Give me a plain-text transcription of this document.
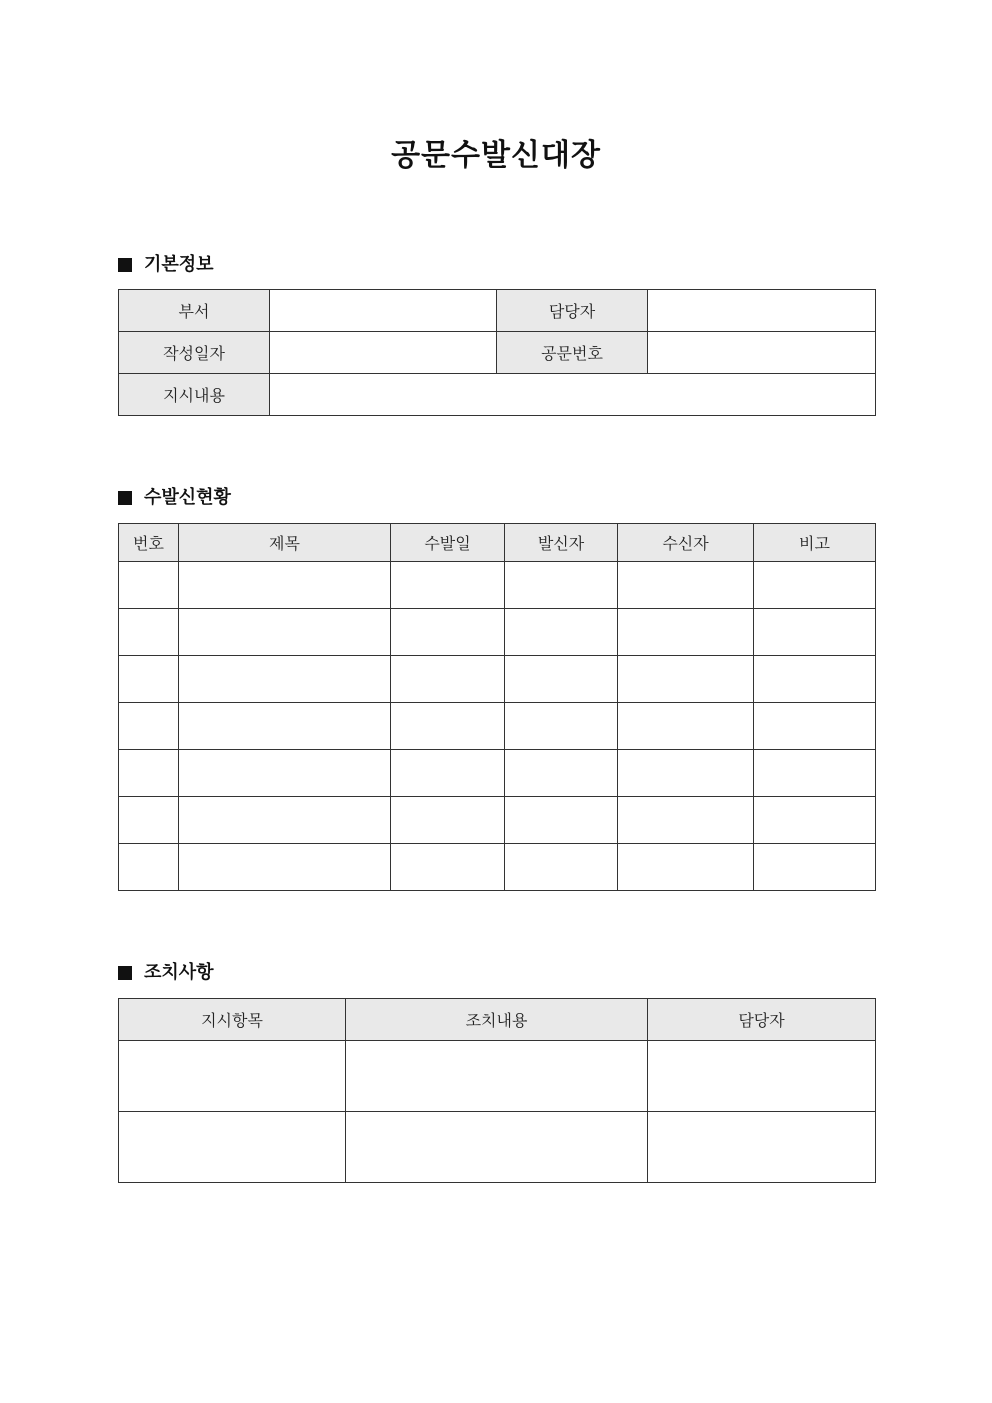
공문수발신대장
기본정보
부서		담당자	
작성일자		공문번호	
지시내용			
수발신현황
번호	제목	수발일	발신자	수신자	비고

조치사항
지시항목	조치내용	담당자
